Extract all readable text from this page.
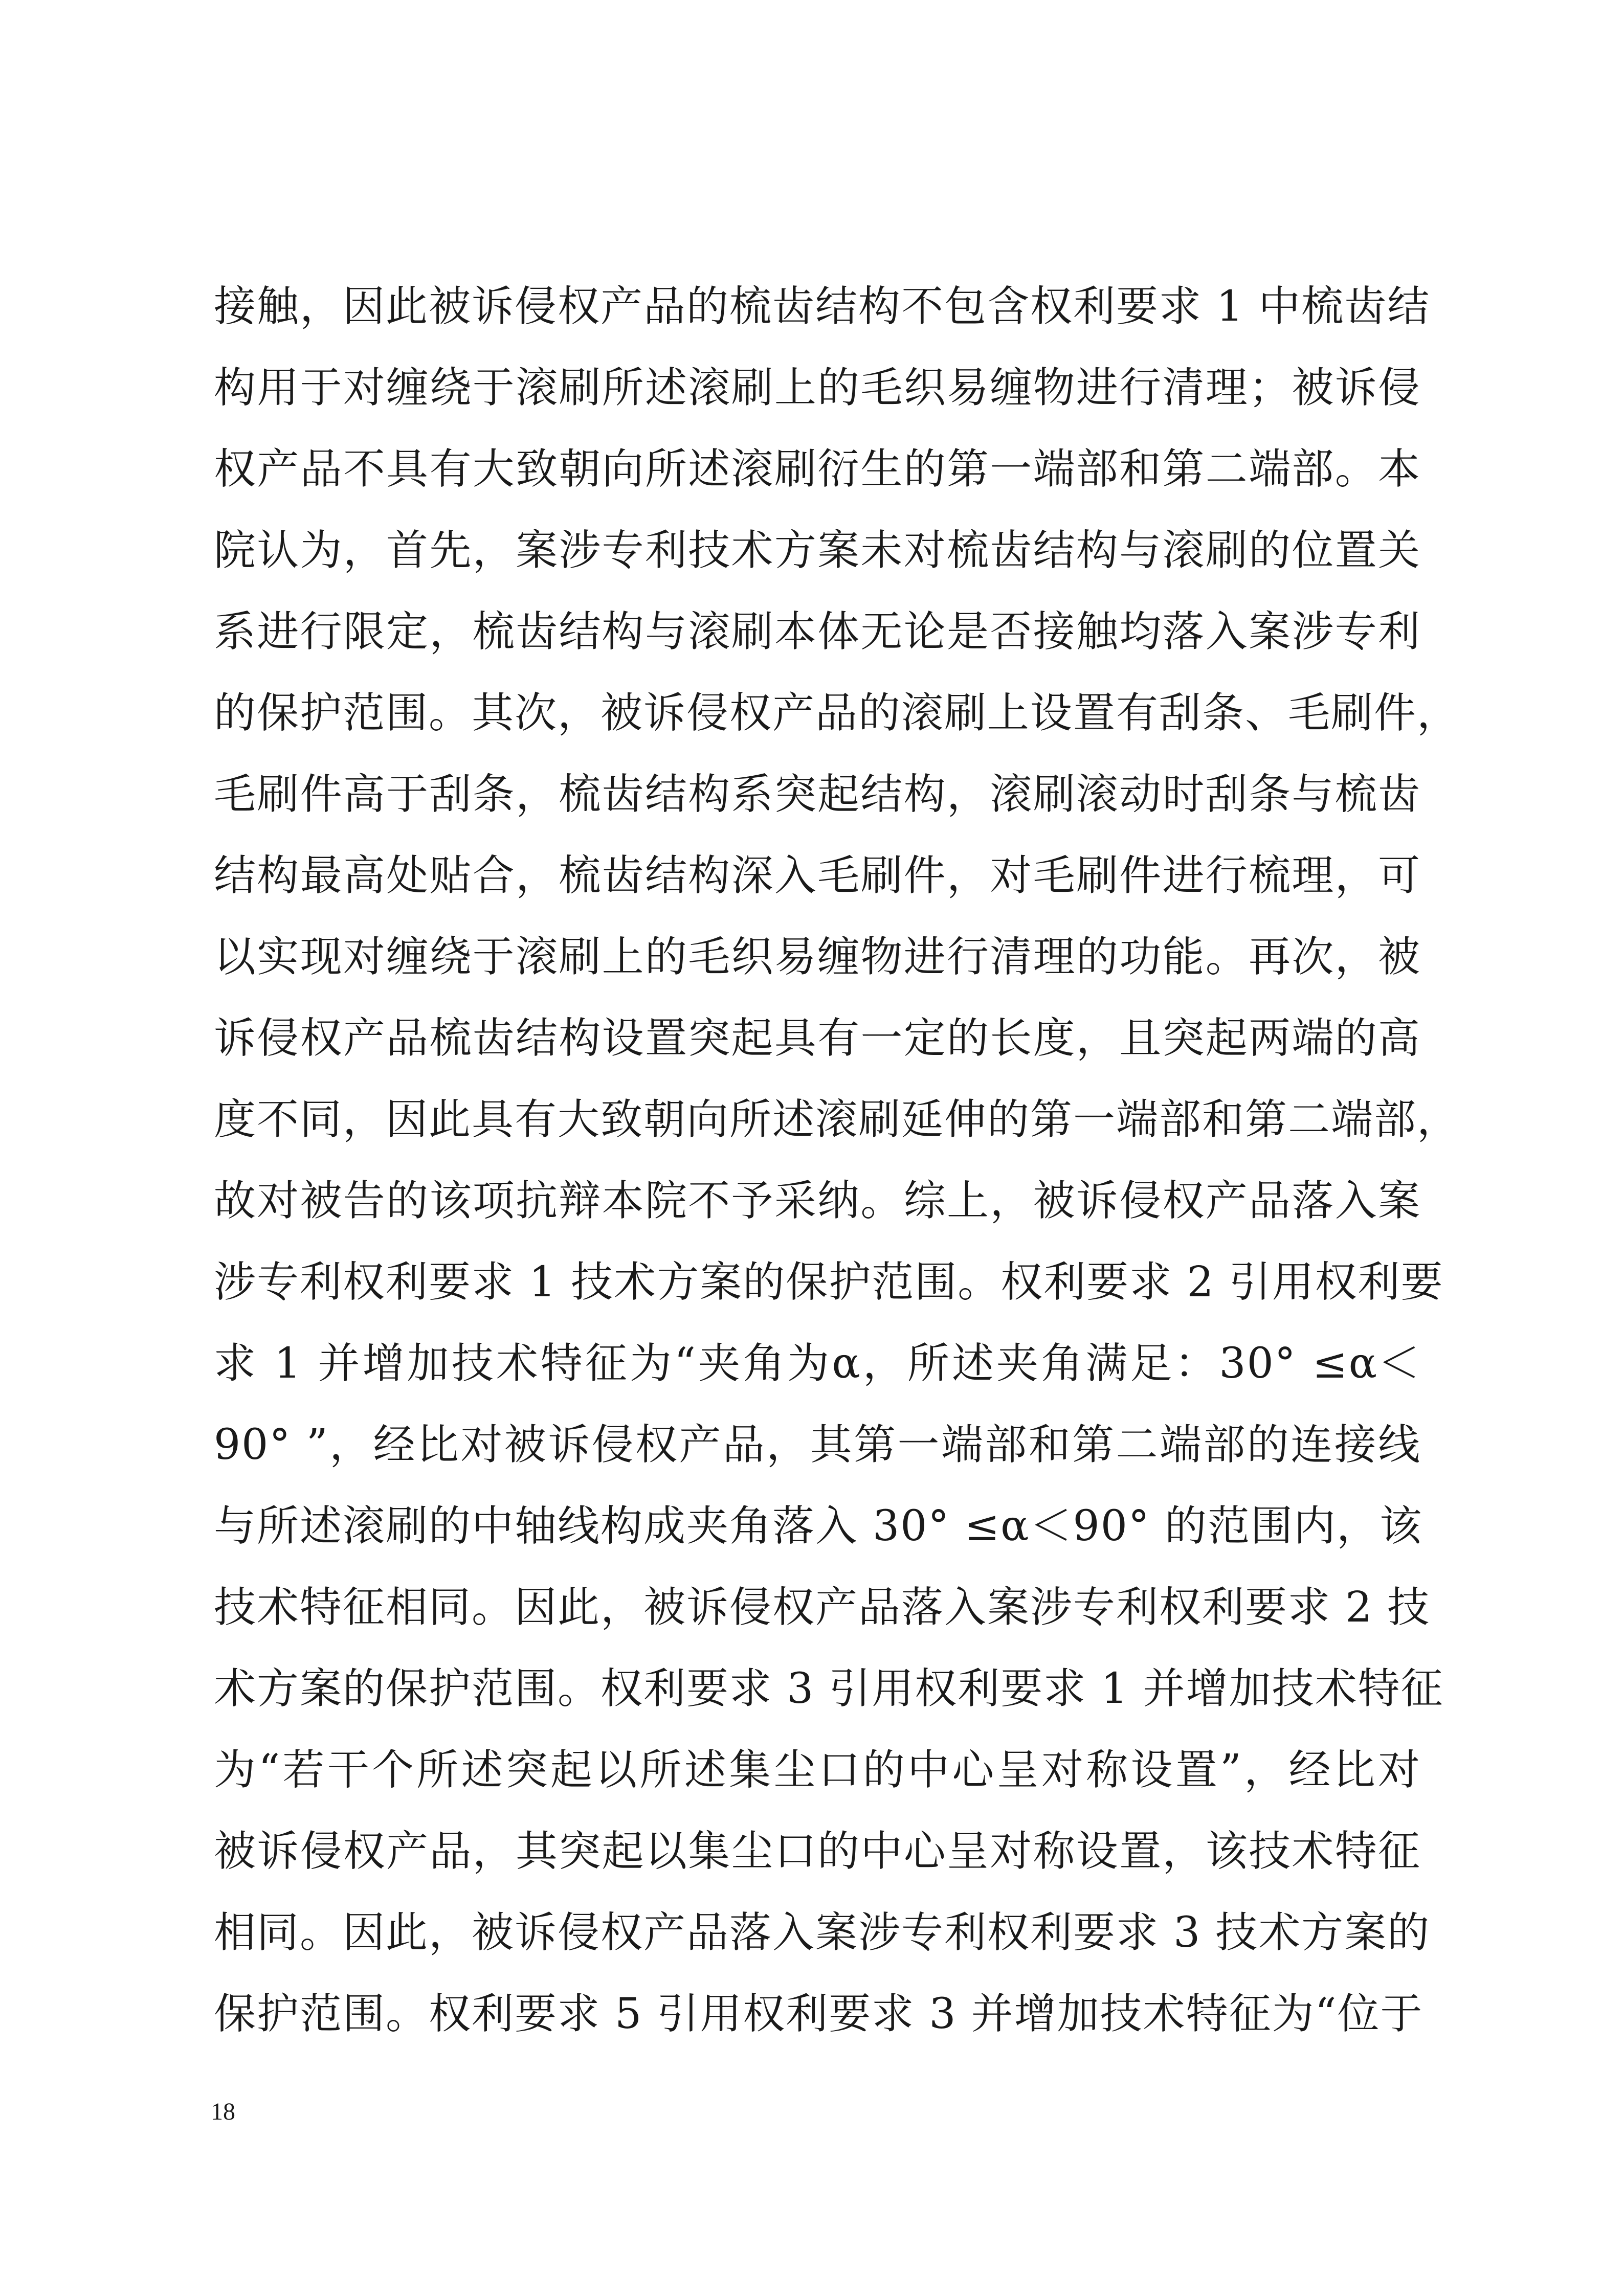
接触，因此被诉侵权产品的梳齿结构不包含权利要求 1 中梳齿结
构用于对缠绕于滚刷所述滚刷上的毛织易缠物进行清理；被诉侵
权产品不具有大致朝向所述滚刷衍生的第一端部和第二端部。本
院认为，首先，案涉专利技术方案未对梳齿结构与滚刷的位置关
系进行限定，梳齿结构与滚刷本体无论是否接触均落入案涉专利
的保护范围。其次，被诉侵权产品的滚刷上设置有刮条、毛刷件，
毛刷件高于刮条，梳齿结构系突起结构，滚刷滚动时刮条与梳齿
结构最高处贴合，梳齿结构深入毛刷件，对毛刷件进行梳理，可
以实现对缠绕于滚刷上的毛织易缠物进行清理的功能。再次，被
诉侵权产品梳齿结构设置突起具有一定的长度，且突起两端的高
度不同，因此具有大致朝向所述滚刷延伸的第一端部和第二端部，
故对被告的该项抗辩本院不予采纳。综上，被诉侵权产品落入案
涉专利权利要求 1 技术方案的保护范围。权利要求 2 引用权利要
求 1 并增加技术特征为“夹角为α，所述夹角满足：30° ≤α＜
90° ”，经比对被诉侵权产品，其第一端部和第二端部的连接线
与所述滚刷的中轴线构成夹角落入 30° ≤α＜90° 的范围内，该
技术特征相同。因此，被诉侵权产品落入案涉专利权利要求 2 技
术方案的保护范围。权利要求 3 引用权利要求 1 并增加技术特征
为“若干个所述突起以所述集尘口的中心呈对称设置”，经比对
被诉侵权产品，其突起以集尘口的中心呈对称设置，该技术特征
相同。因此，被诉侵权产品落入案涉专利权利要求 3 技术方案的
保护范围。权利要求 5 引用权利要求 3 并增加技术特征为“位于
18
